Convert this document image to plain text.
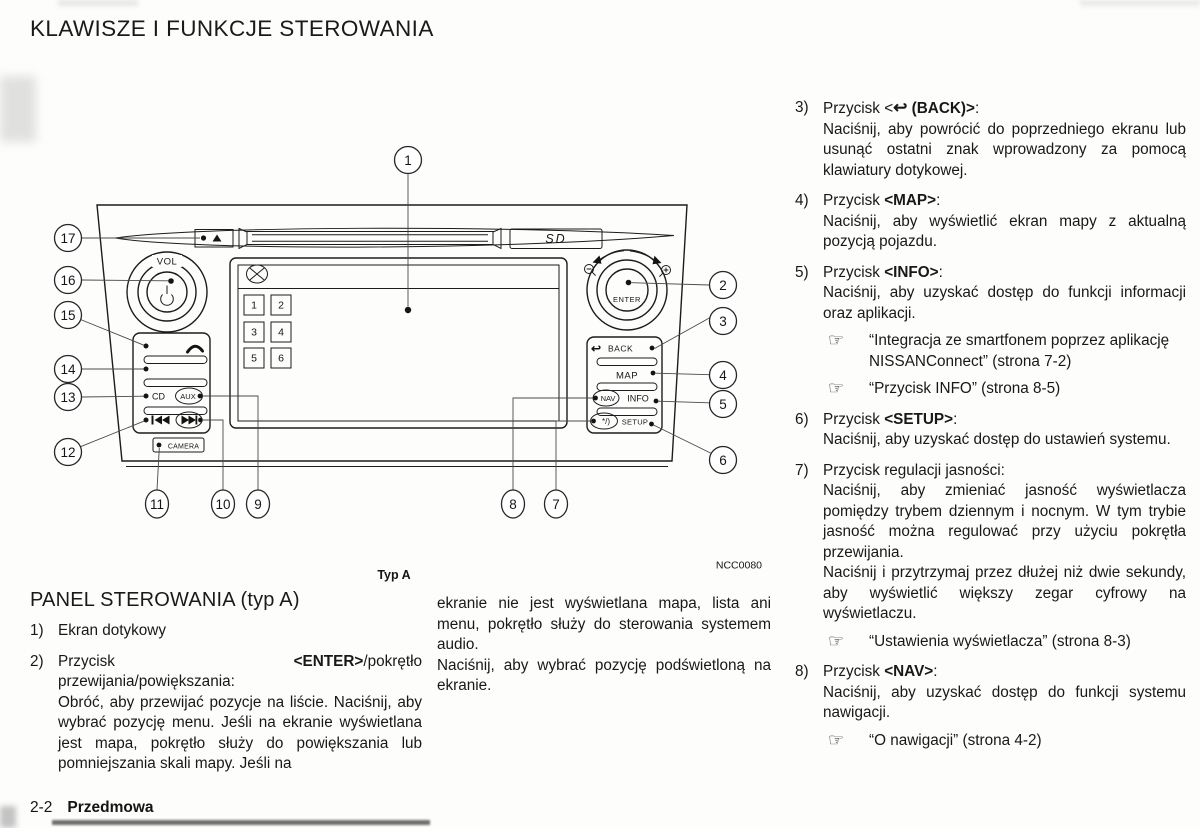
KLAWISZE I FUNKCJE STEROWANIA
SD
VOL
ENTER
1 2
3 4
5 6
CD AUX
CAMERA
↩ BACK
MAP
NAV INFO
*/) SETUP
1
2
3
4
5
6
7
8
9
10
11
12
13
14
15
16
17
NCC0080
Typ A
PANEL STEROWANIA (typ A)
1) Ekran dotykowy
2) Przycisk <ENTER>/pokrętło przewijania/powiększania:
Obróć, aby przewijać pozycje na liście. Naciśnij, aby wybrać pozycję menu. Jeśli na ekranie wyświetlana jest mapa, pokrętło służy do powiększania lub pomniejszania skali mapy. Jeśli na
ekranie nie jest wyświetlana mapa, lista ani menu, pokrętło służy do sterowania systemem audio.
Naciśnij, aby wybrać pozycję podświetloną na ekranie.
3) Przycisk <↩ (BACK)>:
Naciśnij, aby powrócić do poprzedniego ekranu lub usunąć ostatni znak wprowadzony za pomocą klawiatury dotykowej.
4) Przycisk <MAP>:
Naciśnij, aby wyświetlić ekran mapy z aktualną pozycją pojazdu.
5) Przycisk <INFO>:
Naciśnij, aby uzyskać dostęp do funkcji informacji oraz aplikacji.
☞ “Integracja ze smartfonem poprzez aplikację NISSANConnect” (strona 7-2)
☞ “Przycisk INFO” (strona 8-5)
6) Przycisk <SETUP>:
Naciśnij, aby uzyskać dostęp do ustawień systemu.
7) Przycisk regulacji jasności:
Naciśnij, aby zmieniać jasność wyświetlacza pomiędzy trybem dziennym i nocnym. W tym trybie jasność można regulować przy użyciu pokrętła przewijania.
Naciśnij i przytrzymaj przez dłużej niż dwie sekundy, aby wyświetlić większy zegar cyfrowy na wyświetlaczu.
☞ “Ustawienia wyświetlacza” (strona 8-3)
8) Przycisk <NAV>:
Naciśnij, aby uzyskać dostęp do funkcji systemu nawigacji.
☞ “O nawigacji” (strona 4-2)
2-2 Przedmowa
